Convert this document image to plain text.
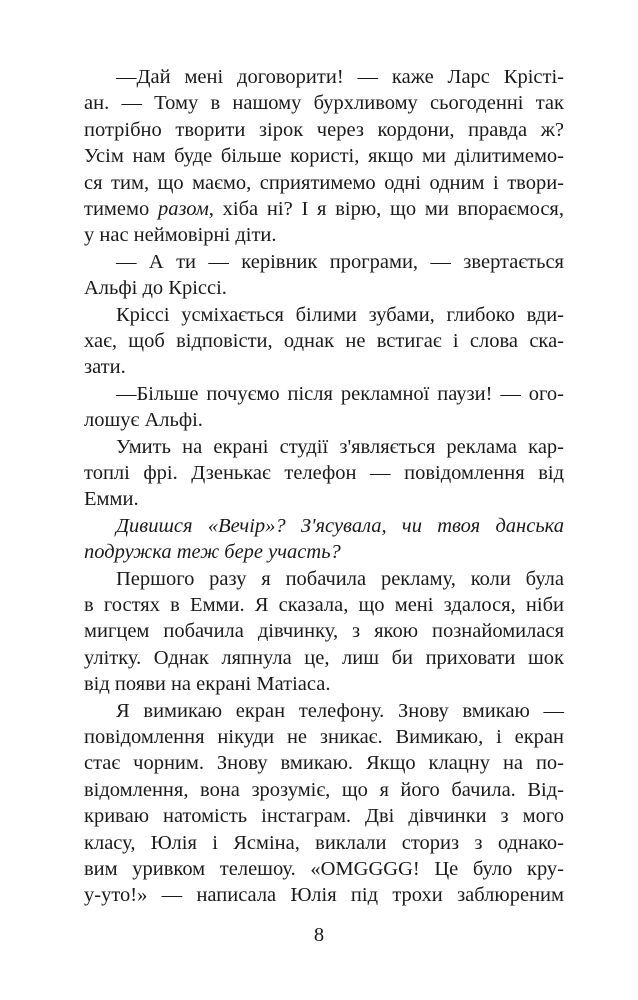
—Дай мені договорити! — каже Ларс Крісті-
ан. — Тому в нашому бурхливому сьогоденні так
потрібно творити зірок через кордони, правда ж?
Усім нам буде більше користі, якщо ми ділитимемо-
ся тим, що маємо, сприятимемо одні одним і твори-
тимемо разом, хіба ні? І я вірю, що ми впораємося,
у нас неймовірні діти.
— А ти — керівник програми, — звертається
Альфі до Кріссі.
Кріссі усміхається білими зубами, глибоко вди-
хає, щоб відповісти, однак не встигає і слова ска-
зати.
—Більше почуємо після рекламної паузи! — ого-
лошує Альфі.
Умить на екрані студії з'являється реклама кар-
топлі фрі. Дзенькає телефон — повідомлення від
Емми.
Дивишся «Вечір»? З'ясувала, чи твоя данська
подружка теж бере участь?
Першого разу я побачила рекламу, коли була
в гостях в Емми. Я сказала, що мені здалося, ніби
мигцем побачила дівчинку, з якою познайомилася
улітку. Однак ляпнула це, лиш би приховати шок
від появи на екрані Матіаса.
Я вимикаю екран телефону. Знову вмикаю —
повідомлення нікуди не зникає. Вимикаю, і екран
стає чорним. Знову вмикаю. Якщо клацну на по-
відомлення, вона зрозуміє, що я його бачила. Від-
криваю натомість інстаграм. Дві дівчинки з мого
класу, Юлія і Ясміна, виклали сториз з однако-
вим уривком телешоу. «OMGGGG! Це було кру-
у-уто!» — написала Юлія під трохи заблюреним
8
